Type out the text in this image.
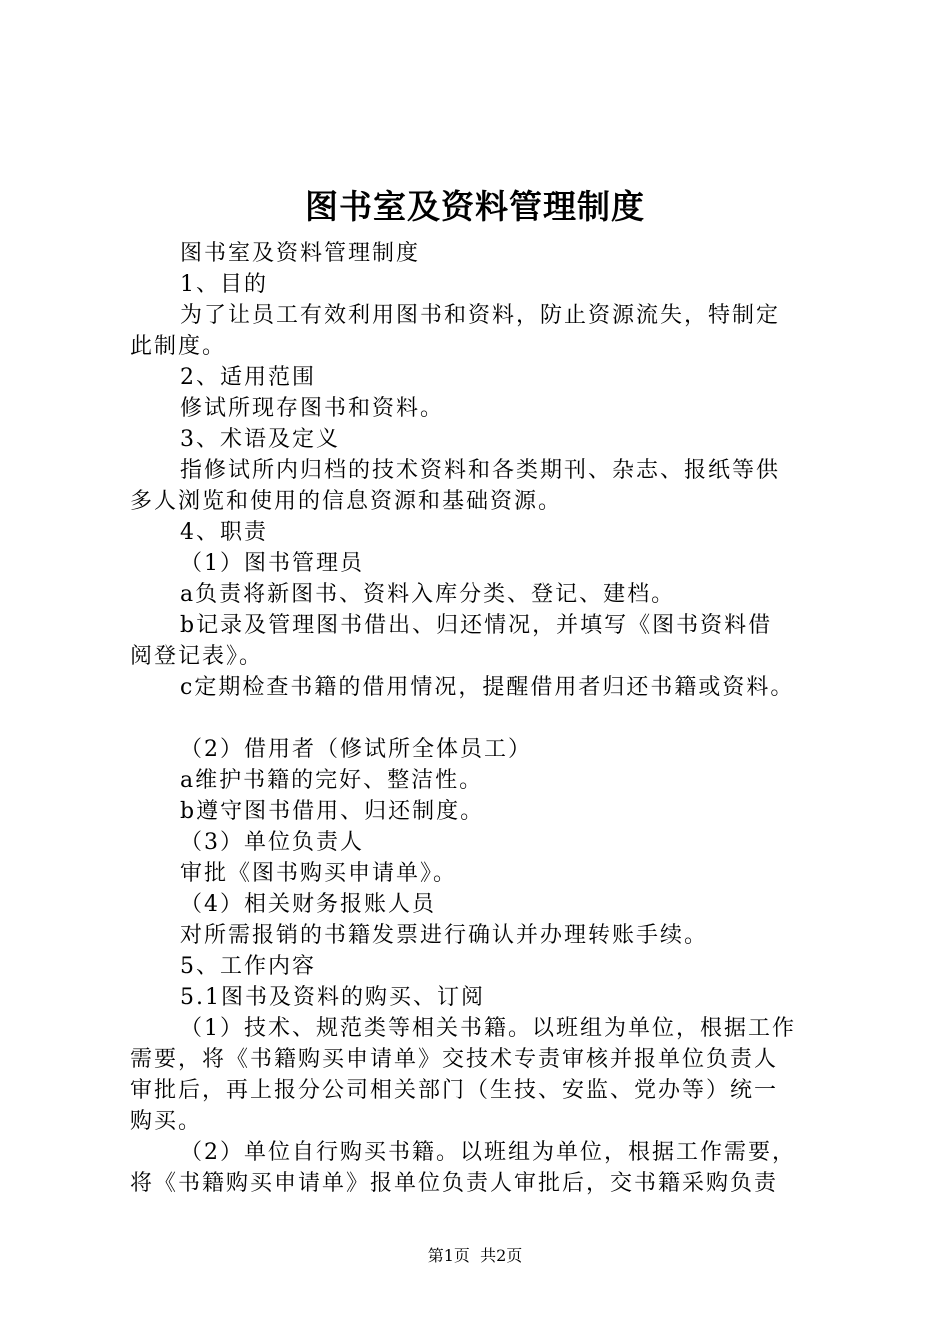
图书室及资料管理制度
图书室及资料管理制度
1、目的
为了让员工有效利用图书和资料，防止资源流失，特制定
此制度。
2、适用范围
修试所现存图书和资料。
3、术语及定义
指修试所内归档的技术资料和各类期刊、杂志、报纸等供
多人浏览和使用的信息资源和基础资源。
4、职责
（1）图书管理员
a负责将新图书、资料入库分类、登记、建档。
b记录及管理图书借出、归还情况，并填写《图书资料借
阅登记表》。
c定期检查书籍的借用情况，提醒借用者归还书籍或资料。
（2）借用者（修试所全体员工）
a维护书籍的完好、整洁性。
b遵守图书借用、归还制度。
（3）单位负责人
审批《图书购买申请单》。
（4）相关财务报账人员
对所需报销的书籍发票进行确认并办理转账手续。
5、工作内容
5.1图书及资料的购买、订阅
（1）技术、规范类等相关书籍。以班组为单位，根据工作
需要，将《书籍购买申请单》交技术专责审核并报单位负责人
审批后，再上报分公司相关部门（生技、安监、党办等）统一
购买。
（2）单位自行购买书籍。以班组为单位，根据工作需要，
将《书籍购买申请单》报单位负责人审批后，交书籍采购负责
第1页  共2页
